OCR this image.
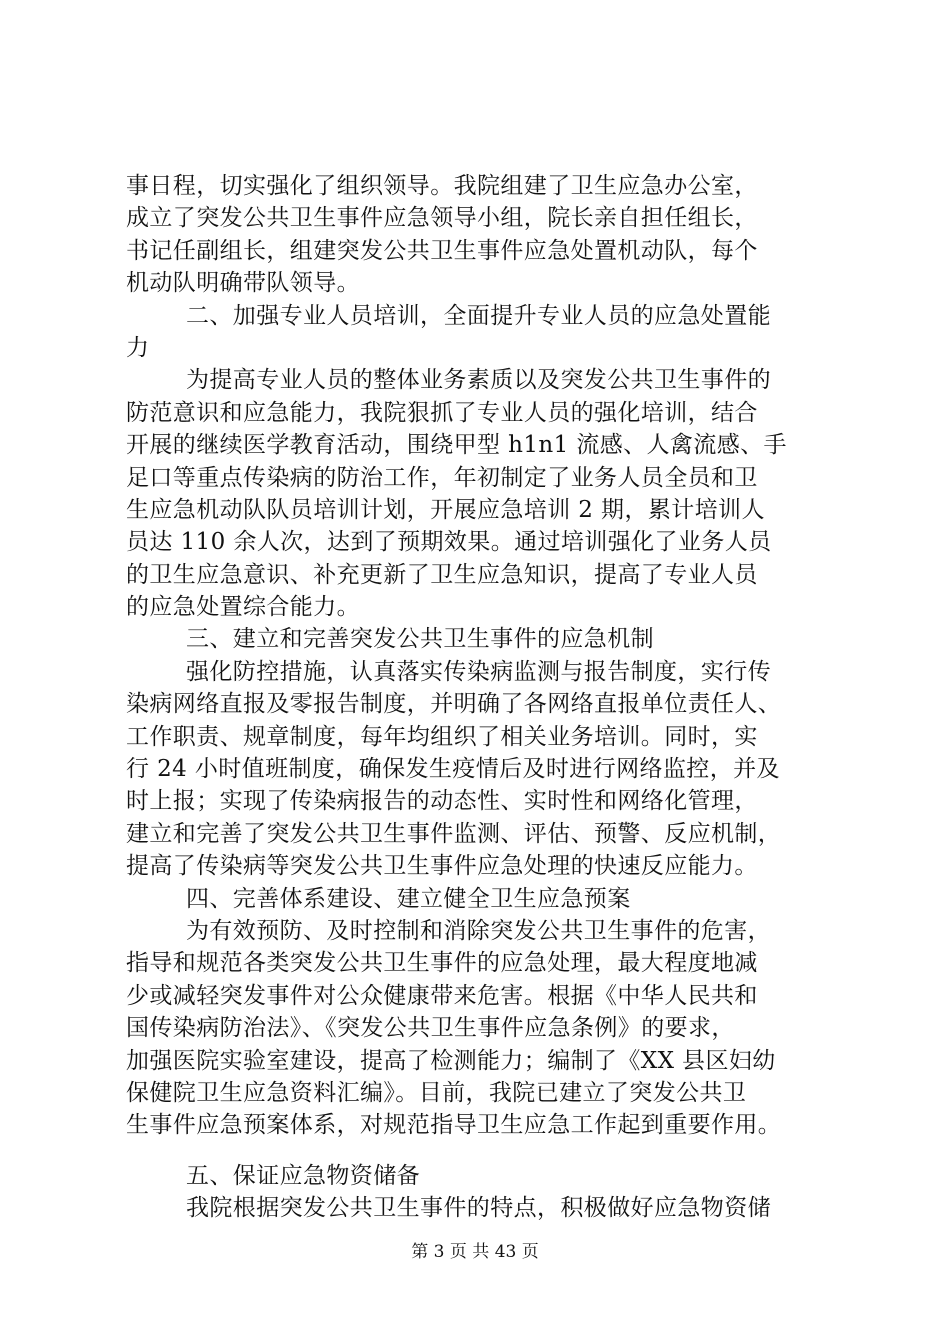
事日程，切实强化了组织领导。我院组建了卫生应急办公室，
成立了突发公共卫生事件应急领导小组，院长亲自担任组长，
书记任副组长，组建突发公共卫生事件应急处置机动队，每个
机动队明确带队领导。
二、加强专业人员培训，全面提升专业人员的应急处置能
力
为提高专业人员的整体业务素质以及突发公共卫生事件的
防范意识和应急能力，我院狠抓了专业人员的强化培训，结合
开展的继续医学教育活动，围绕甲型 h1n1 流感、人禽流感、手
足口等重点传染病的防治工作，年初制定了业务人员全员和卫
生应急机动队队员培训计划，开展应急培训 2 期，累计培训人
员达 110 余人次，达到了预期效果。通过培训强化了业务人员
的卫生应急意识、补充更新了卫生应急知识，提高了专业人员
的应急处置综合能力。
三、建立和完善突发公共卫生事件的应急机制
强化防控措施，认真落实传染病监测与报告制度，实行传
染病网络直报及零报告制度，并明确了各网络直报单位责任人、
工作职责、规章制度，每年均组织了相关业务培训。同时，实
行 24 小时值班制度，确保发生疫情后及时进行网络监控，并及
时上报；实现了传染病报告的动态性、实时性和网络化管理，
建立和完善了突发公共卫生事件监测、评估、预警、反应机制，
提高了传染病等突发公共卫生事件应急处理的快速反应能力。
四、完善体系建设、建立健全卫生应急预案
为有效预防、及时控制和消除突发公共卫生事件的危害，
指导和规范各类突发公共卫生事件的应急处理，最大程度地减
少或减轻突发事件对公众健康带来危害。根据《中华人民共和
国传染病防治法》、《突发公共卫生事件应急条例》的要求，
加强医院实验室建设，提高了检测能力；编制了《XX 县区妇幼
保健院卫生应急资料汇编》。目前，我院已建立了突发公共卫
生事件应急预案体系，对规范指导卫生应急工作起到重要作用。
五、保证应急物资储备
我院根据突发公共卫生事件的特点，积极做好应急物资储
第 3 页 共 43 页
